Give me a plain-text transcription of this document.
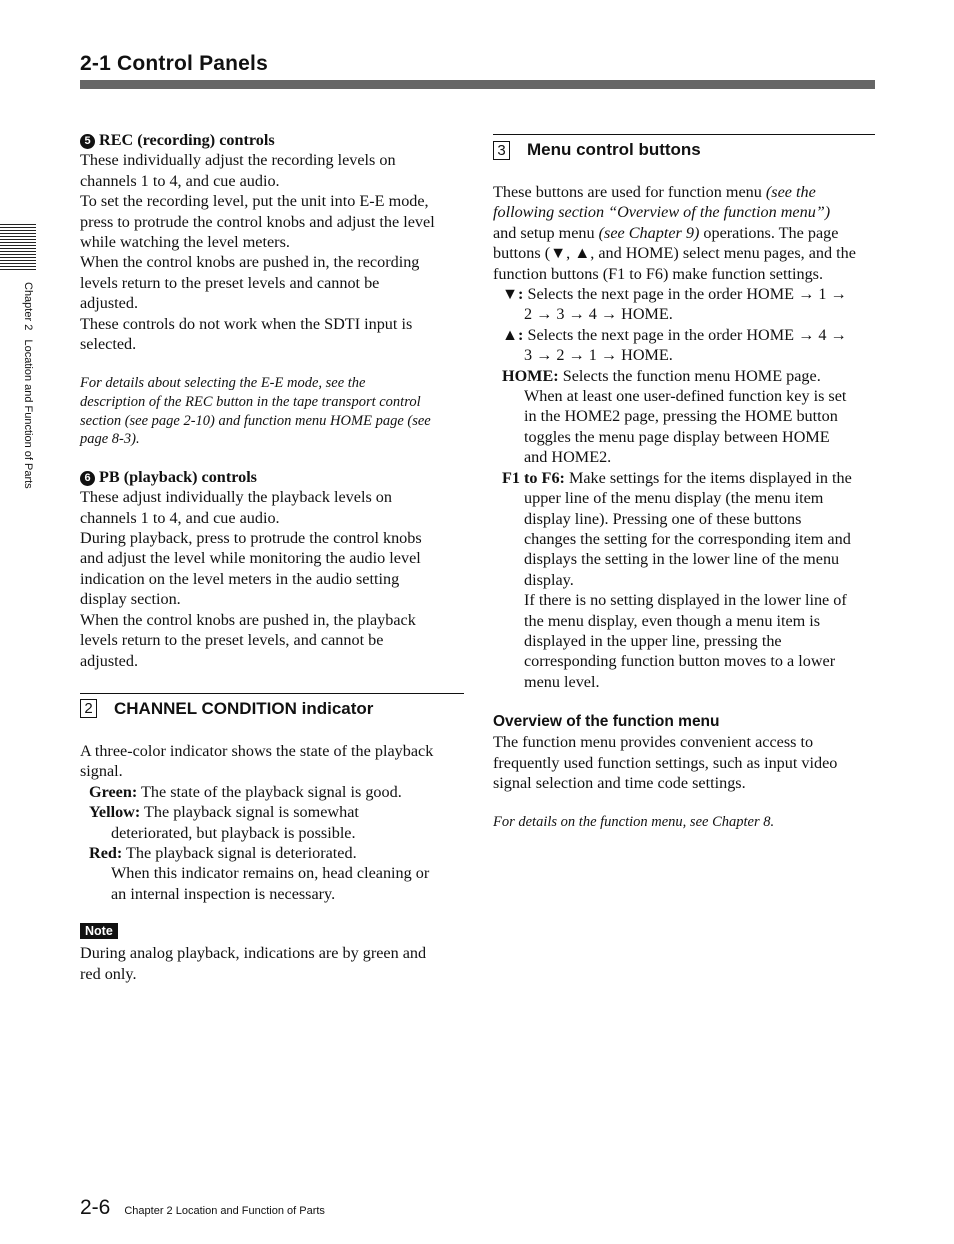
2-1 Control Panels
Chapter 2   Location and Function of Parts

5 REC (recording) controls

These individually adjust the recording levels on

channels 1 to 4, and cue audio.

To set the recording level, put the unit into E-E mode,

press to protrude the control knobs and adjust the level

while watching the level meters.

When the control knobs are pushed in, the recording

levels return to the preset levels and cannot be

adjusted.

These controls do not work when the SDTI input is

selected.

For details about selecting the E-E mode, see the

description of the REC button in the tape transport control

section (see page 2-10) and function menu HOME page (see

page 8-3).

6 PB (playback) controls

These adjust individually the playback levels on

channels 1 to 4, and cue audio.

During playback, press to protrude the control knobs

and adjust the level while monitoring the audio level

indication on the level meters in the audio setting

display section.

When the control knobs are pushed in, the playback

levels return to the preset levels, and cannot be

adjusted.

2 CHANNEL CONDITION indicator

A three-color indicator shows the state of the playback

signal.

Green: The state of the playback signal is good.

Yellow: The playback signal is somewhat

deteriorated, but playback is possible.

Red: The playback signal is deteriorated.

When this indicator remains on, head cleaning or

an internal inspection is necessary.

Note

During analog playback, indications are by green and

red only.

3 Menu control buttons

These buttons are used for function menu (see the

following section “Overview of the function menu”)

and setup menu (see Chapter 9) operations. The page

buttons (▼, ▲, and HOME) select menu pages, and the

function buttons (F1 to F6) make function settings.

▼: Selects the next page in the order HOME → 1 →

2 → 3 → 4 → HOME.

▲: Selects the next page in the order HOME → 4 →

3 → 2 → 1 → HOME.

HOME: Selects the function menu HOME page.

When at least one user-defined function key is set

in the HOME2 page, pressing the HOME button

toggles the menu page display between HOME

and HOME2.

F1 to F6: Make settings for the items displayed in the

upper line of the menu display (the menu item

display line). Pressing one of these buttons

changes the setting for the corresponding item and

displays the setting in the lower line of the menu

display.

If there is no setting displayed in the lower line of

the menu display, even though a menu item is

displayed in the upper line, pressing the

corresponding function button moves to a lower

menu level.

Overview of the function menu

The function menu provides convenient access to

frequently used function settings, such as input video

signal selection and time code settings.

For details on the function menu, see Chapter 8.

2-6 Chapter 2 Location and Function of Parts
